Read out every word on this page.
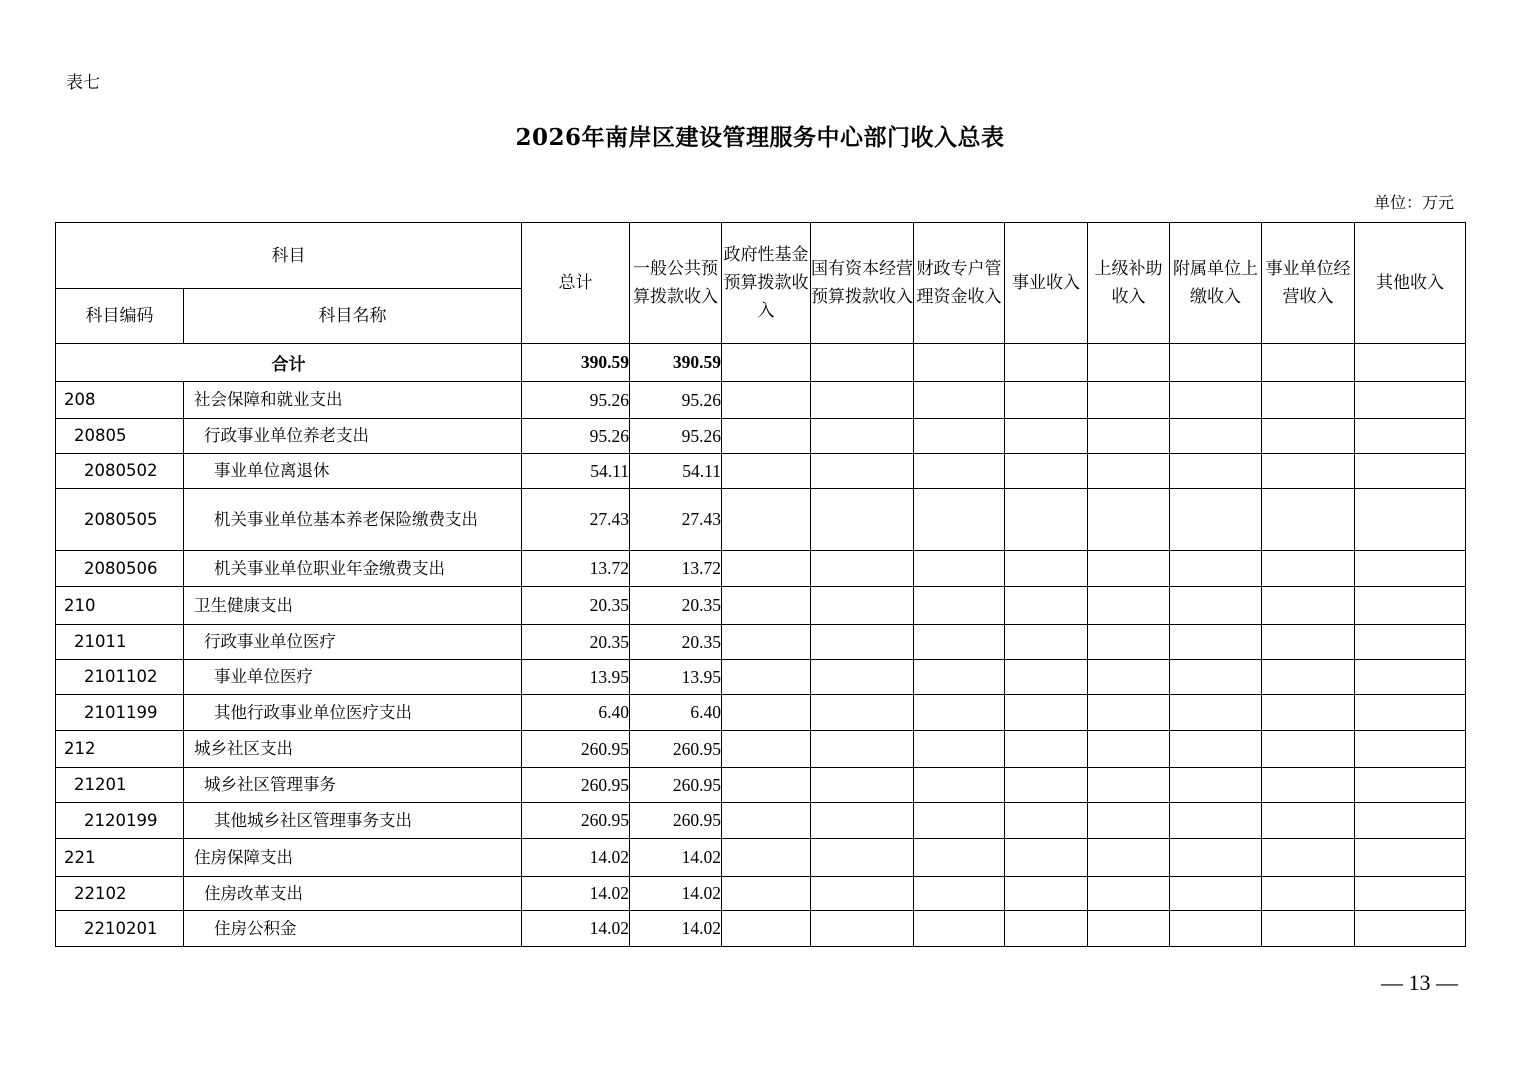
表七
2026年南岸区建设管理服务中心部门收入总表
单位：万元
科目		总计	一般公共预算拨款收入	政府性基金预算拨款收入	国有资本经营预算拨款收入	财政专户管理资金收入	事业收入	上级补助收入	附属单位上缴收入	事业单位经营收入	其他收入
科目编码	科目名称										
合计		390.59	390.59								
208	社会保障和就业支出	95.26	95.26								
20805	行政事业单位养老支出	95.26	95.26								
2080502	事业单位离退休	54.11	54.11								
2080505	机关事业单位基本养老保险缴费支出	27.43	27.43								
2080506	机关事业单位职业年金缴费支出	13.72	13.72								
210	卫生健康支出	20.35	20.35								
21011	行政事业单位医疗	20.35	20.35								
2101102	事业单位医疗	13.95	13.95								
2101199	其他行政事业单位医疗支出	6.40	6.40								
212	城乡社区支出	260.95	260.95								
21201	城乡社区管理事务	260.95	260.95								
2120199	其他城乡社区管理事务支出	260.95	260.95								
221	住房保障支出	14.02	14.02								
22102	住房改革支出	14.02	14.02								
2210201	住房公积金	14.02	14.02								
— 13 —
